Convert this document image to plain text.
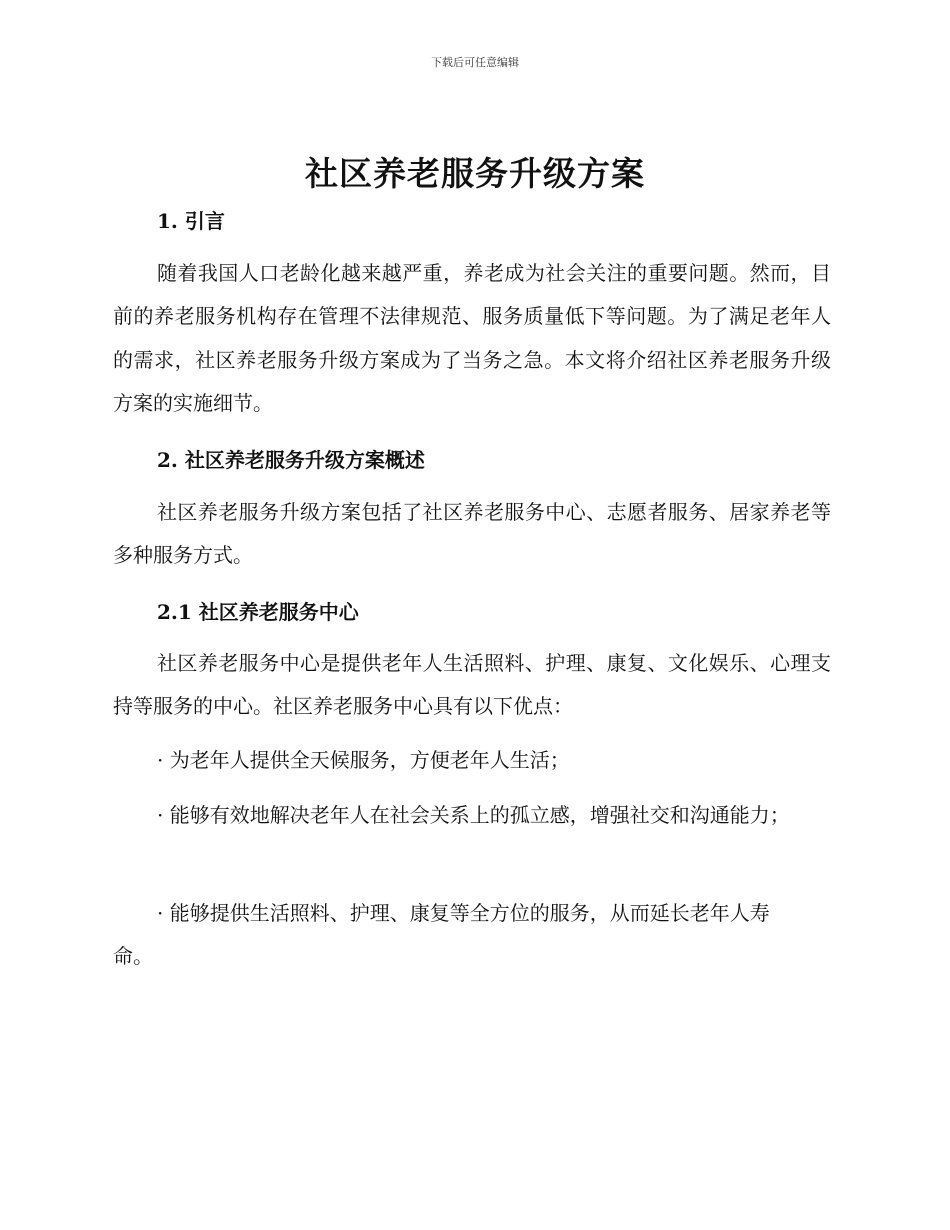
下载后可任意编辑
社区养老服务升级方案
1. 引言

随着我国人口老龄化越来越严重，养老成为社会关注的重要问题。然而，目前的养老服务机构存在管理不法律规范、服务质量低下等问题。为了满足老年人的需求，社区养老服务升级方案成为了当务之急。本文将介绍社区养老服务升级方案的实施细节。

2. 社区养老服务升级方案概述

社区养老服务升级方案包括了社区养老服务中心、志愿者服务、居家养老等多种服务方式。

2.1 社区养老服务中心

社区养老服务中心是提供老年人生活照料、护理、康复、文化娱乐、心理支持等服务的中心。社区养老服务中心具有以下优点：

· 为老年人提供全天候服务，方便老年人生活；

· 能够有效地解决老年人在社会关系上的孤立感，增强社交和沟通能力；

· 能够提供生活照料、护理、康复等全方位的服务，从而延长老年人寿命。
